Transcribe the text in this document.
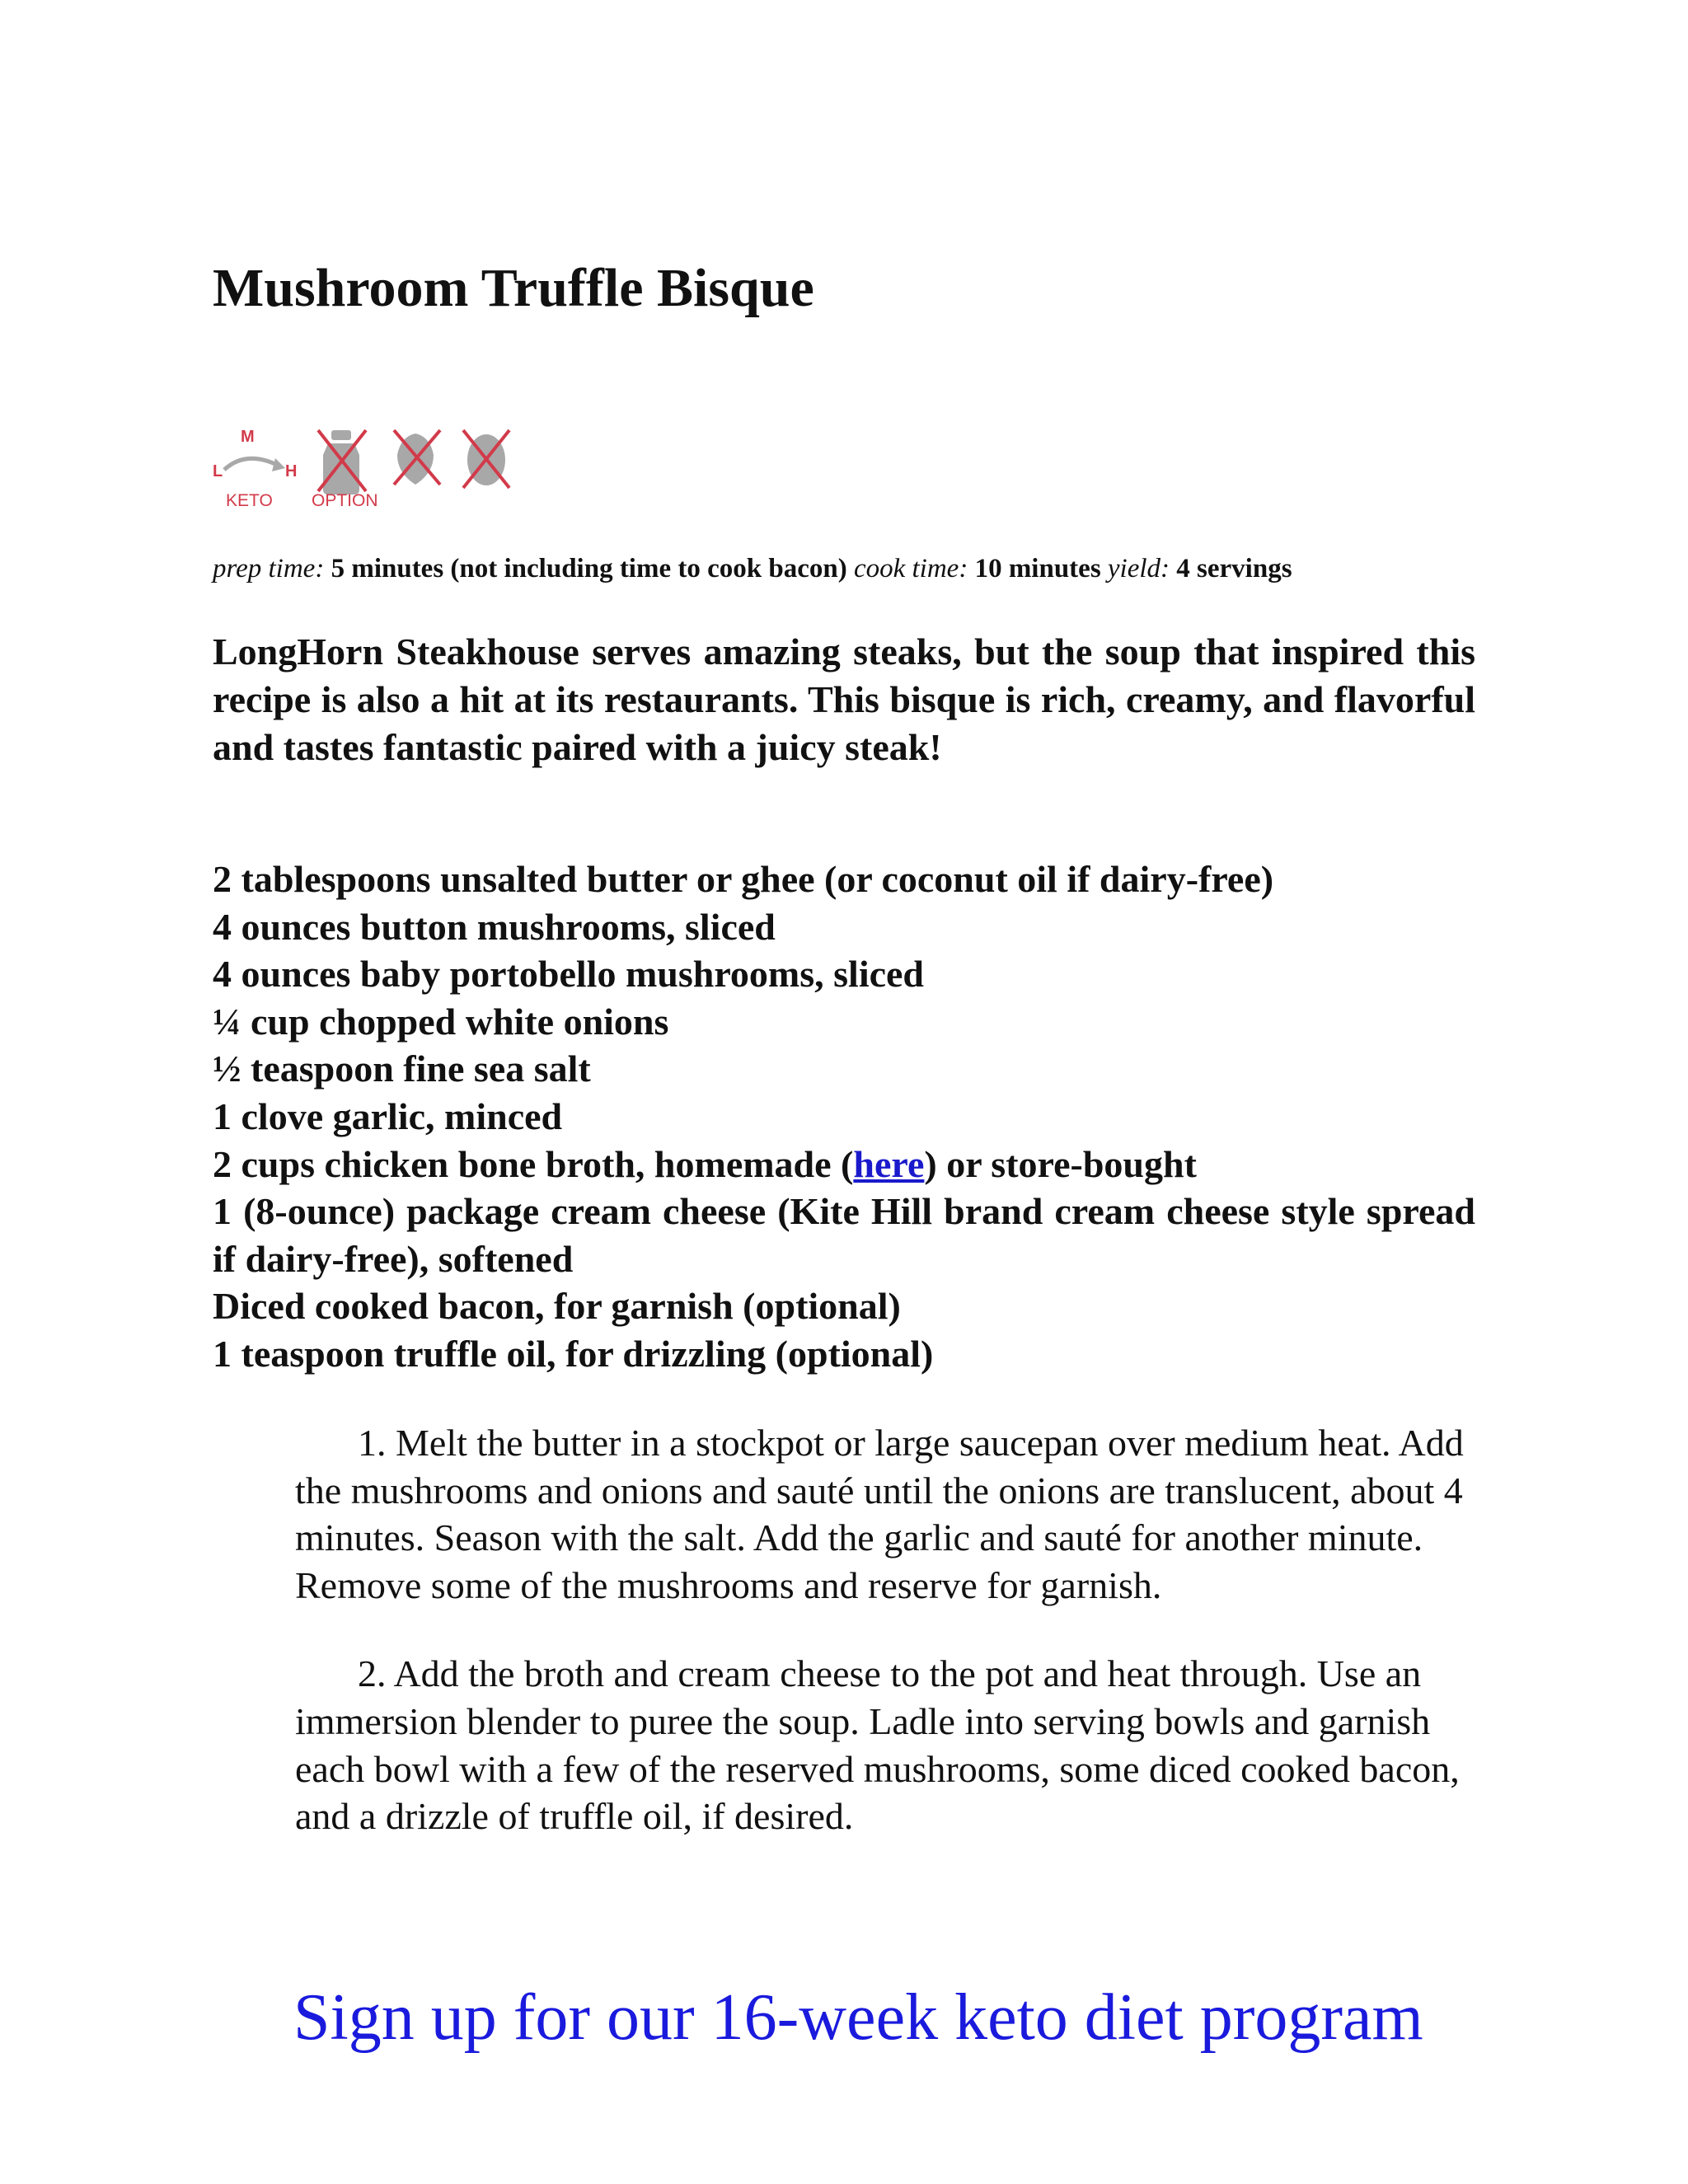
Mushroom Truffle Bisque
M
L	H
KETO OPTION
prep time: 5 minutes (not including time to cook bacon) cook time: 10 minutes yield: 4 servings

LongHorn Steakhouse serves amazing steaks, but the soup that inspired this recipe is also a hit at its restaurants. This bisque is rich, creamy, and flavorful and tastes fantastic paired with a juicy steak!

2 tablespoons unsalted butter or ghee (or coconut oil if dairy-free)
4 ounces button mushrooms, sliced
4 ounces baby portobello mushrooms, sliced
¼ cup chopped white onions
½ teaspoon fine sea salt
1 clove garlic, minced
2 cups chicken bone broth, homemade (here) or store-bought
1 (8-ounce) package cream cheese (Kite Hill brand cream cheese style spread if dairy-free), softened
Diced cooked bacon, for garnish (optional)
1 teaspoon truffle oil, for drizzling (optional)

1. Melt the butter in a stockpot or large saucepan over medium heat. Add the mushrooms and onions and sauté until the onions are translucent, about 4 minutes. Season with the salt. Add the garlic and sauté for another minute. Remove some of the mushrooms and reserve for garnish.

2. Add the broth and cream cheese to the pot and heat through. Use an immersion blender to puree the soup. Ladle into serving bowls and garnish each bowl with a few of the reserved mushrooms, some diced cooked bacon, and a drizzle of truffle oil, if desired.

Sign up for our 16-week keto diet program
